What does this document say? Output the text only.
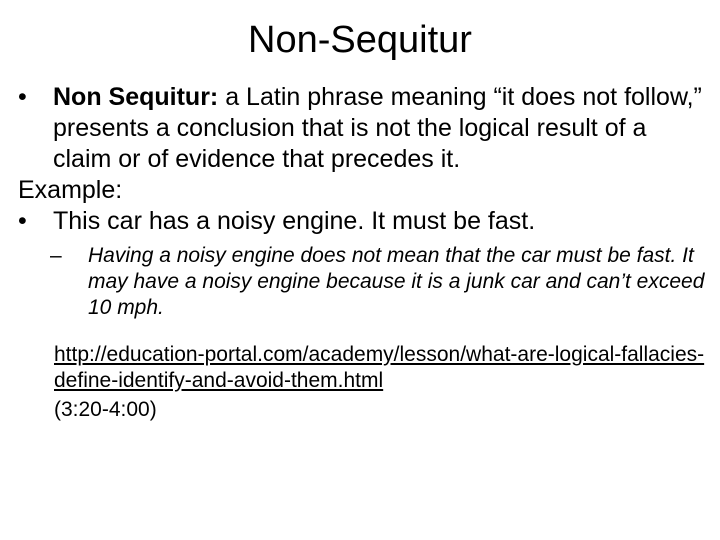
Non-Sequitur

•	Non Sequitur: a Latin phrase meaning “it does not follow,” presents a conclusion that is not the logical result of a claim or of evidence that precedes it.

Example:

•	This car has a noisy engine. It must be fast.

– Having a noisy engine does not mean that the car must be fast. It may have a noisy engine because it is a junk car and can’t exceed 10 mph.

http://education-portal.com/academy/lesson/what-are-logical-fallacies-define-identify-and-avoid-them.html
(3:20-4:00)
